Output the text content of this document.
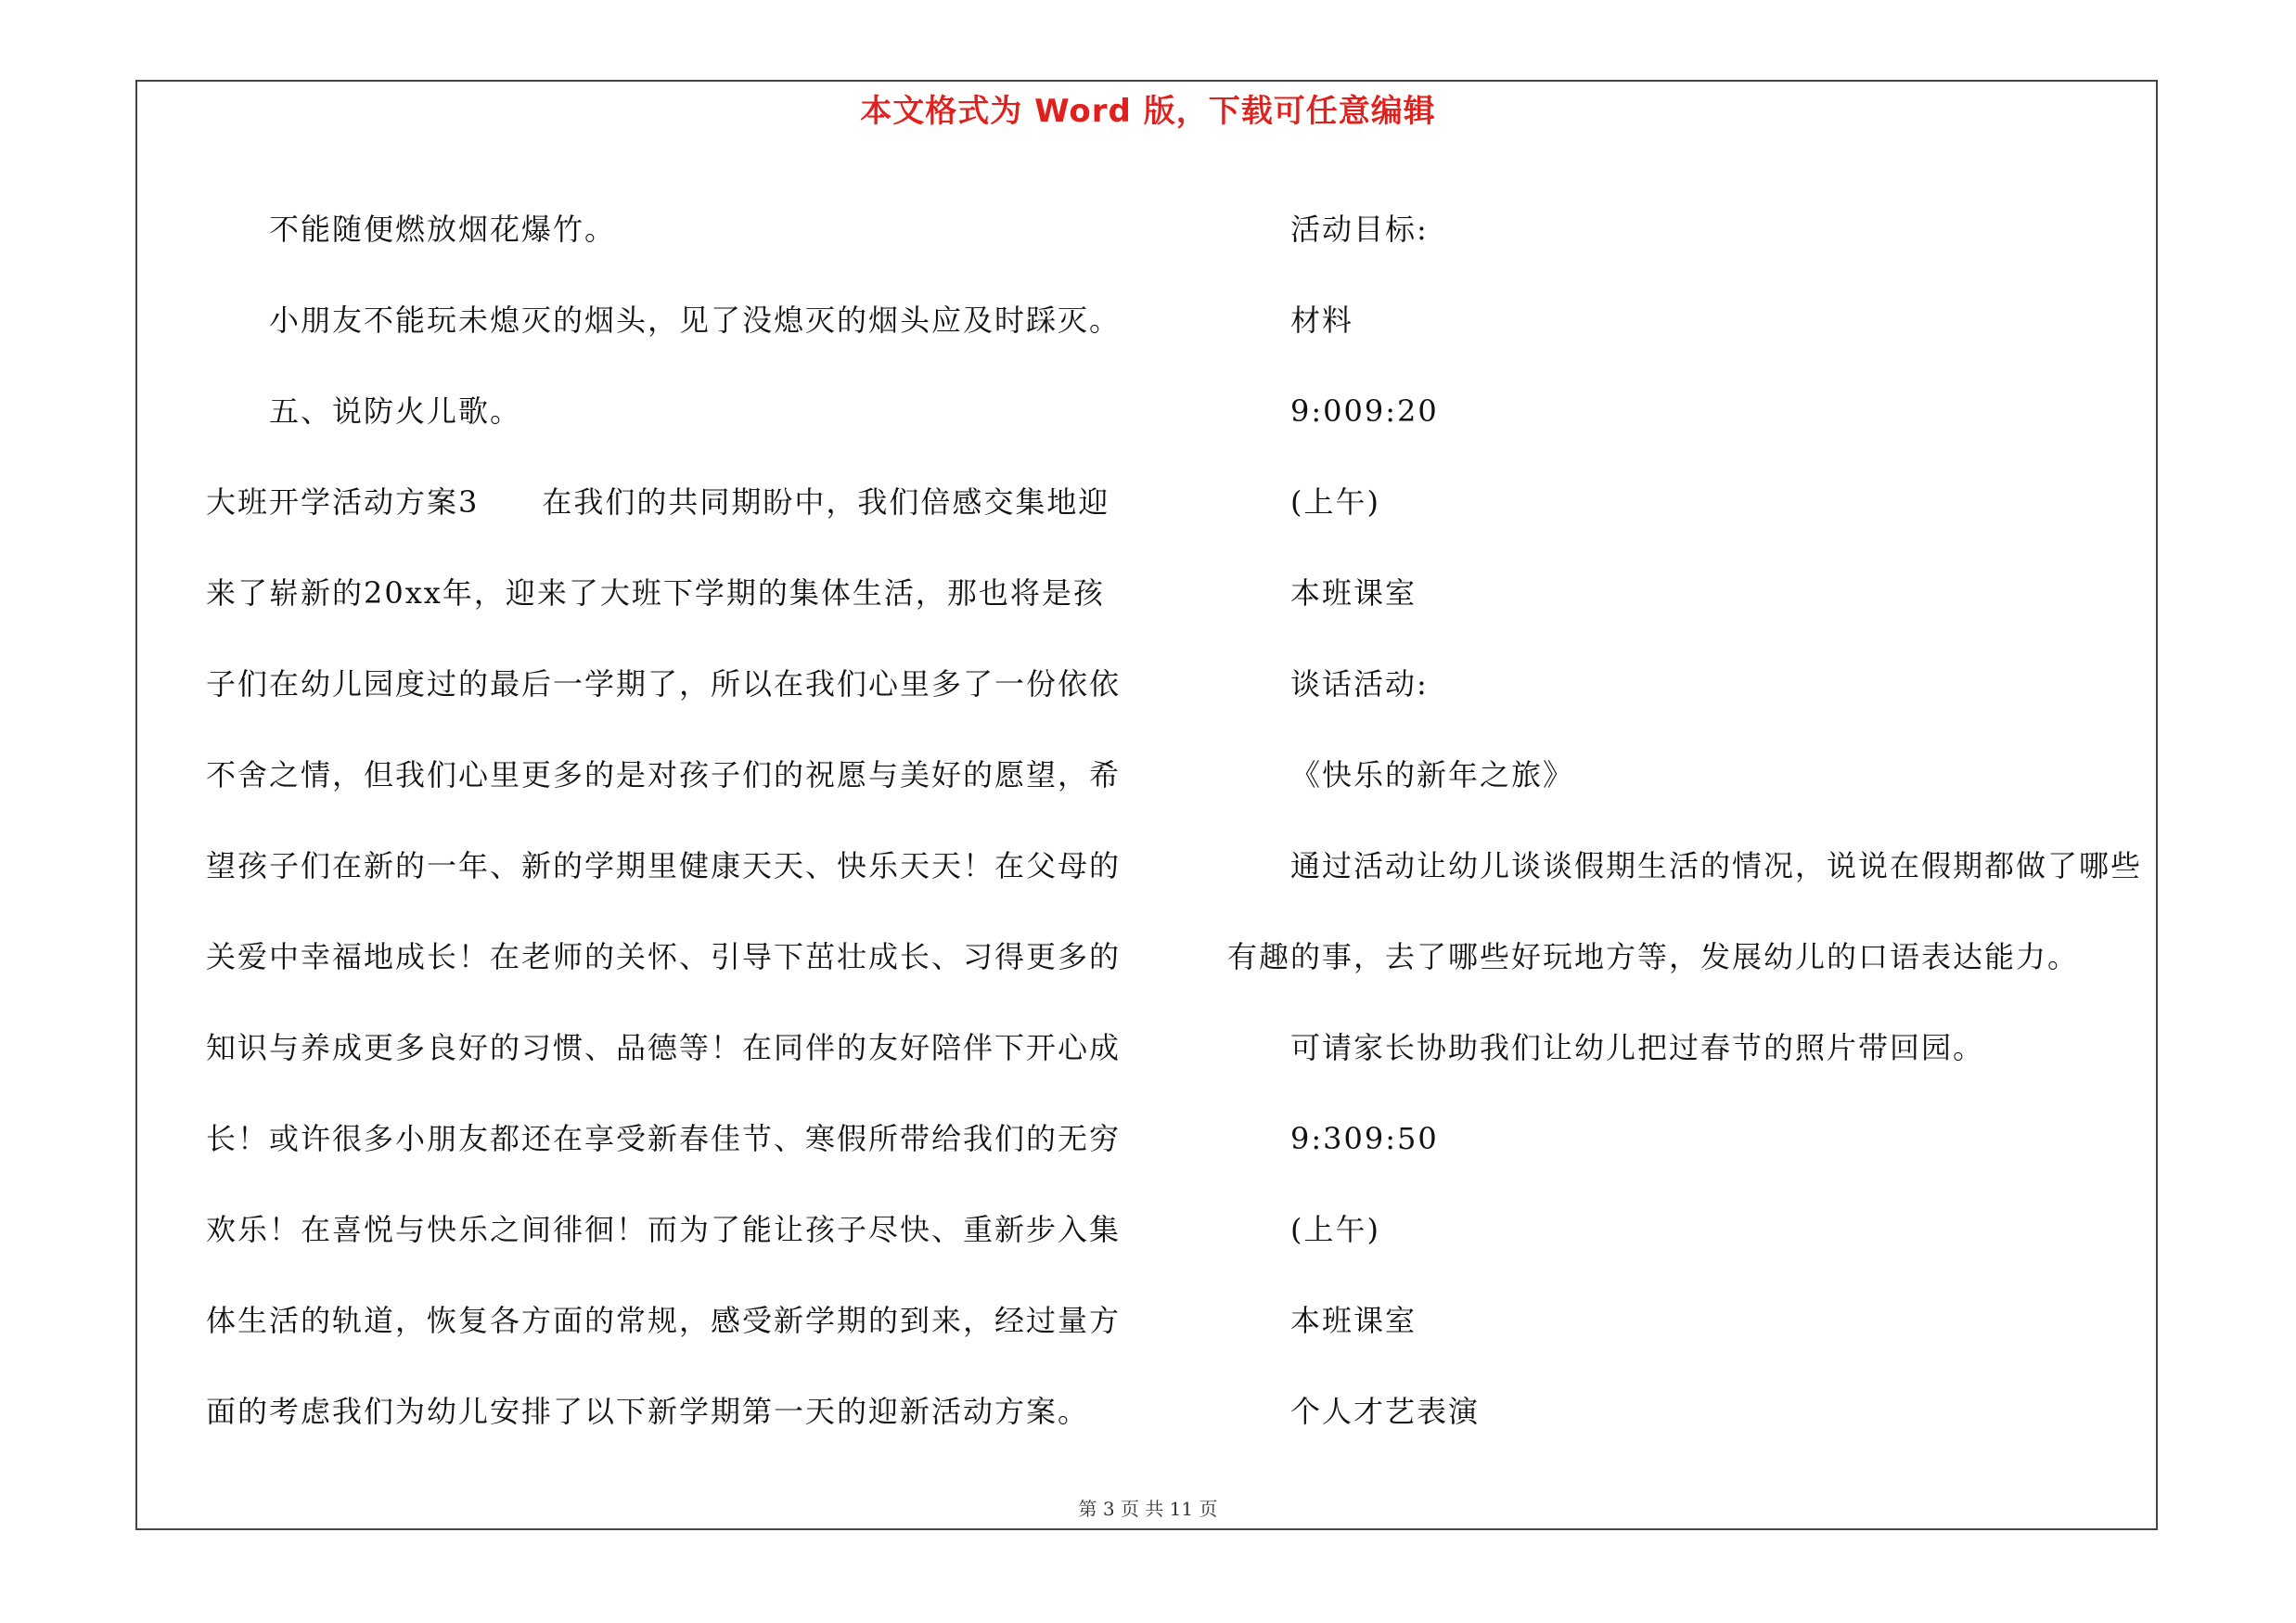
本文格式为 Word 版，下载可任意编辑

不能随便燃放烟花爆竹。

小朋友不能玩未熄灭的烟头，见了没熄灭的烟头应及时踩灭。

五、说防火儿歌。

大班开学活动方案3　　在我们的共同期盼中，我们倍感交集地迎来了崭新的20xx年，迎来了大班下学期的集体生活，那也将是孩子们在幼儿园度过的最后一学期了，所以在我们心里多了一份依依不舍之情，但我们心里更多的是对孩子们的祝愿与美好的愿望，希望孩子们在新的一年、新的学期里健康天天、快乐天天！在父母的关爱中幸福地成长！在老师的关怀、引导下茁壮成长、习得更多的知识与养成更多良好的习惯、品德等！在同伴的友好陪伴下开心成长！或许很多小朋友都还在享受新春佳节、寒假所带给我们的无穷欢乐！在喜悦与快乐之间徘徊！而为了能让孩子尽快、重新步入集体生活的轨道，恢复各方面的常规，感受新学期的到来，经过量方面的考虑我们为幼儿安排了以下新学期第一天的迎新活动方案。

活动目标:

材料

9:009:20

(上午)

本班课室

谈话活动:

《快乐的新年之旅》

通过活动让幼儿谈谈假期生活的情况，说说在假期都做了哪些有趣的事，去了哪些好玩地方等，发展幼儿的口语表达能力。

可请家长协助我们让幼儿把过春节的照片带回园。

9:309:50

(上午)

本班课室

个人才艺表演

第 3 页 共 11 页
